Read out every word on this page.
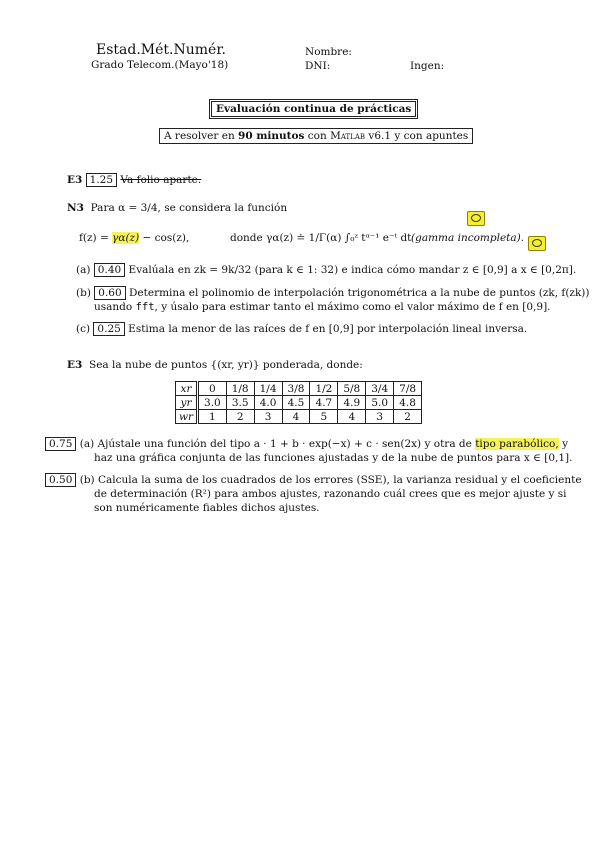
Estad.Mét.Numér.
Grado Telecom.(Mayo'18)
Nombre:
DNI:	Ingen:
Evaluación continua de prácticas
A resolver en 90 minutos con Matlab v6.1 y con apuntes
E3 1.25 Va folio aparte.
N3 Para α = 3/4, se considera la función
f(z) = γα(z) − cos(z),	donde γα(z) ≐ 1/Γ(α) ∫₀ᶻ tᵅ⁻¹ e⁻ᵗ dt (gamma incompleta).
(a) 0.40 Evalúala en zk = 9k/32 (para k ∈ 1: 32) e indica cómo mandar z ∈ [0,9] a x ∈ [0,2π].
(b) 0.60 Determina el polinomio de interpolación trigonométrica a la nube de puntos (zk, f(zk))
usando fft, y úsalo para estimar tanto el máximo como el valor máximo de f en [0,9].
(c) 0.25 Estima la menor de las raíces de f en [0,9] por interpolación lineal inversa.
E3 Sea la nube de puntos {(xr, yr)} ponderada, donde:
xr	0	1/8	1/4	3/8	1/2	5/8	3/4	7/8
yr	3.0	3.5	4.0	4.5	4.7	4.9	5.0	4.8
wr	1	2	3	4	5	4	3	2
0.75 (a) Ajústale una función del tipo a · 1 + b · exp(−x) + c · sen(2x) y otra de tipo parabólico, y
haz una gráfica conjunta de las funciones ajustadas y de la nube de puntos para x ∈ [0,1].
0.50 (b) Calcula la suma de los cuadrados de los errores (SSE), la varianza residual y el coeficiente
de determinación (R²) para ambos ajustes, razonando cuál crees que es mejor ajuste y si
son numéricamente fiables dichos ajustes.
